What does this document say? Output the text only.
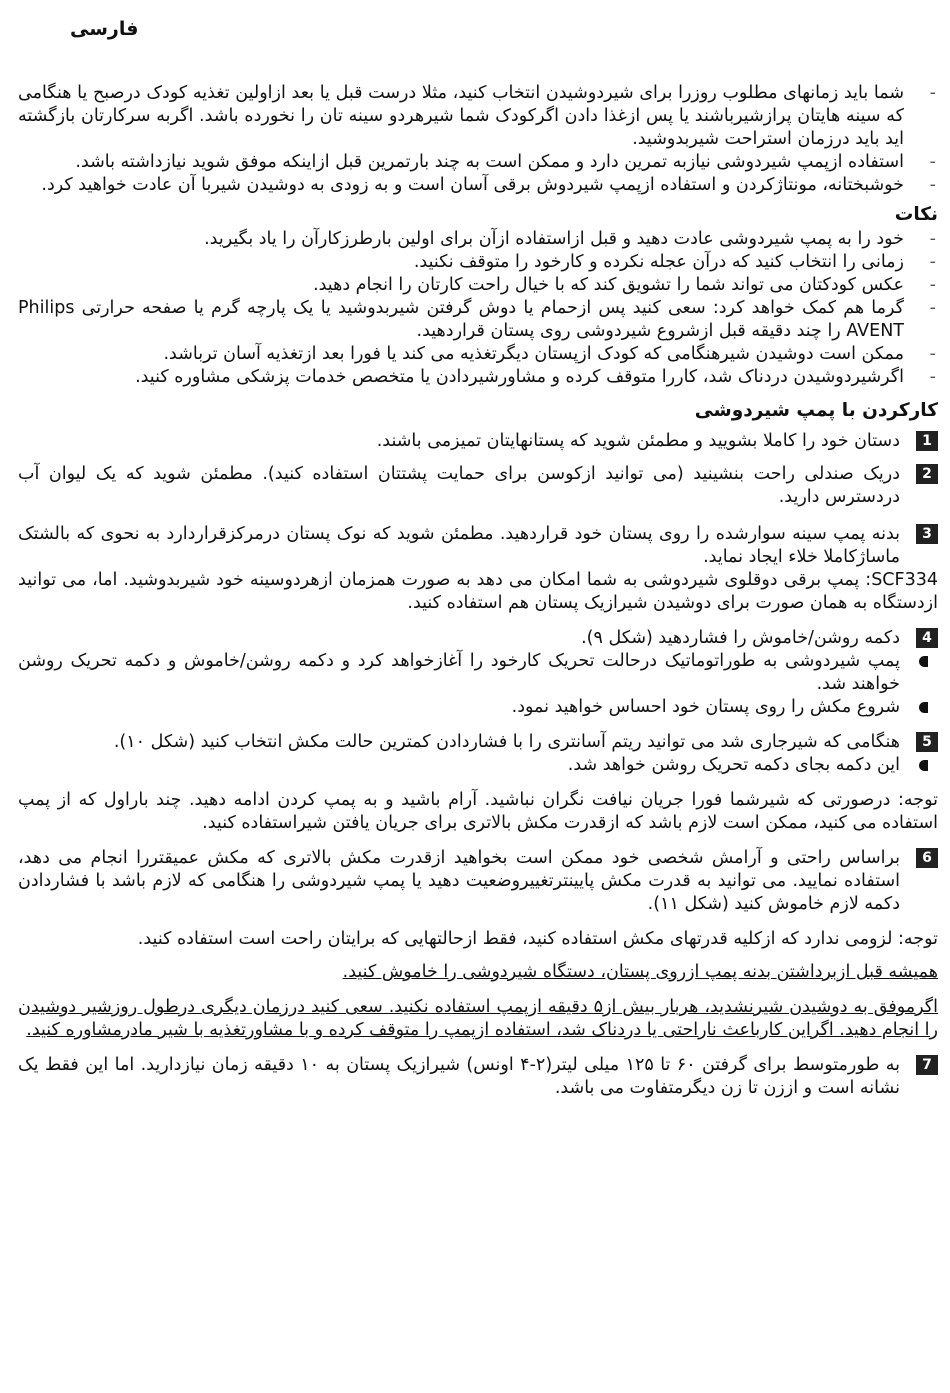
فارسی
- شما باید زمانهای مطلوب روزرا برای شیردوشیدن انتخاب کنید، مثلا درست قبل یا بعد ازاولین تغذیه کودک درصبح یا هنگامی که سینه هایتان پرازشیرباشند یا پس ازغذا دادن اگرکودک شما شیرهردو سینه تان را نخورده باشد. اگربه سرکارتان بازگشته اید باید درزمان استراحت شیربدوشید.
- استفاده ازپمپ شیردوشی نیازبه تمرین دارد و ممکن است به چند بارتمرین قبل ازاینکه موفق شوید نیازداشته باشد.
- خوشبختانه، مونتاژکردن و استفاده ازپمپ شیردوش برقی آسان است و به زودی به دوشیدن شیربا آن عادت خواهید کرد.
نکات
- خود را به پمپ شیردوشی عادت دهید و قبل ازاستفاده ازآن برای اولین بارطرزکارآن را یاد بگیرید.
- زمانی را انتخاب کنید که درآن عجله نکرده و کارخود را متوقف نکنید.
- عکس کودکتان می تواند شما را تشویق کند که با خیال راحت کارتان را انجام دهید.
- گرما هم کمک خواهد کرد: سعی کنید پس ازحمام یا دوش گرفتن شیربدوشید یا یک پارچه گرم یا صفحه حرارتی Philips AVENT را چند دقیقه قبل ازشروع شیردوشی روی پستان قراردهید.
- ممکن است دوشیدن شیرهنگامی که کودک ازپستان دیگرتغذیه می کند یا فورا بعد ازتغذیه آسان ترباشد.
- اگرشیردوشیدن دردناک شد، کاررا متوقف کرده و مشاورشیردادن یا متخصص خدمات پزشکی مشاوره کنید.
کارکردن با پمپ شیردوشی
1
دستان خود را کاملا بشویید و مطمئن شوید که پستانهایتان تمیزمی باشند.
2
دریک صندلی راحت بنشینید (می توانید ازکوسن برای حمایت پشتتان استفاده کنید). مطمئن شوید که یک لیوان آب دردسترس دارید.
3
بدنه پمپ سینه سوارشده را روی پستان خود قراردهید. مطمئن شوید که نوک پستان درمرکزقراردارد به نحوی که بالشتک ماساژکاملا خلاء ایجاد نماید.
SCF334: پمپ برقی دوقلوی شیردوشی به شما امکان می دهد به صورت همزمان ازهردوسینه خود شیربدوشید. اما، می توانید ازدستگاه به همان صورت برای دوشیدن شیرازیک پستان هم استفاده کنید.
4
دکمه روشن/خاموش را فشاردهید (شکل ۹).
پمپ شیردوشی به طوراتوماتیک درحالت تحریک کارخود را آغازخواهد کرد و دکمه روشن/خاموش و دکمه تحریک روشن خواهند شد.
شروع مکش را روی پستان خود احساس خواهید نمود.
5
هنگامی که شیرجاری شد می توانید ریتم آسانتری را با فشاردادن کمترین حالت مکش انتخاب کنید (شکل ۱۰).
این دکمه بجای دکمه تحریک روشن خواهد شد.
توجه: درصورتی که شیرشما فورا جریان نیافت نگران نباشید. آرام باشید و به پمپ کردن ادامه دهید. چند باراول که از پمپ استفاده می کنید، ممکن است لازم باشد که ازقدرت مکش بالاتری برای جریان یافتن شیراستفاده کنید.
6
براساس راحتی و آرامش شخصی خود ممکن است بخواهید ازقدرت مکش بالاتری که مکش عمیقتررا انجام می دهد، استفاده نمایید. می توانید به قدرت مکش پایینترتغییروضعیت دهید یا پمپ شیردوشی را هنگامی که لازم باشد با فشاردادن دکمه لازم خاموش کنید (شکل ۱۱).
توجه: لزومی ندارد که ازکلیه قدرتهای مکش استفاده کنید، فقط ازحالتهایی که برایتان راحت است استفاده کنید.
همیشه قبل ازبرداشتن بدنه پمپ ازروی پستان، دستگاه شیردوشی را خاموش کنید.
اگرموفق به دوشیدن شیرنشدید، هربار بیش از۵ دقیقه ازپمپ استفاده نکنید. سعی کنید درزمان دیگری درطول روزشیر دوشیدن را انجام دهید. اگراین کارباعث ناراحتی یا دردناک شد، استفاده ازپمپ را متوقف کرده و با مشاورتغذیه با شیر مادرمشاوره کنید.
7
به طورمتوسط برای گرفتن ۶۰ تا ۱۲۵ میلی لیتر(۲-۴ اونس) شیرازیک پستان به ۱۰ دقیقه زمان نیازدارید. اما این فقط یک نشانه است و اززن تا زن دیگرمتفاوت می باشد.
